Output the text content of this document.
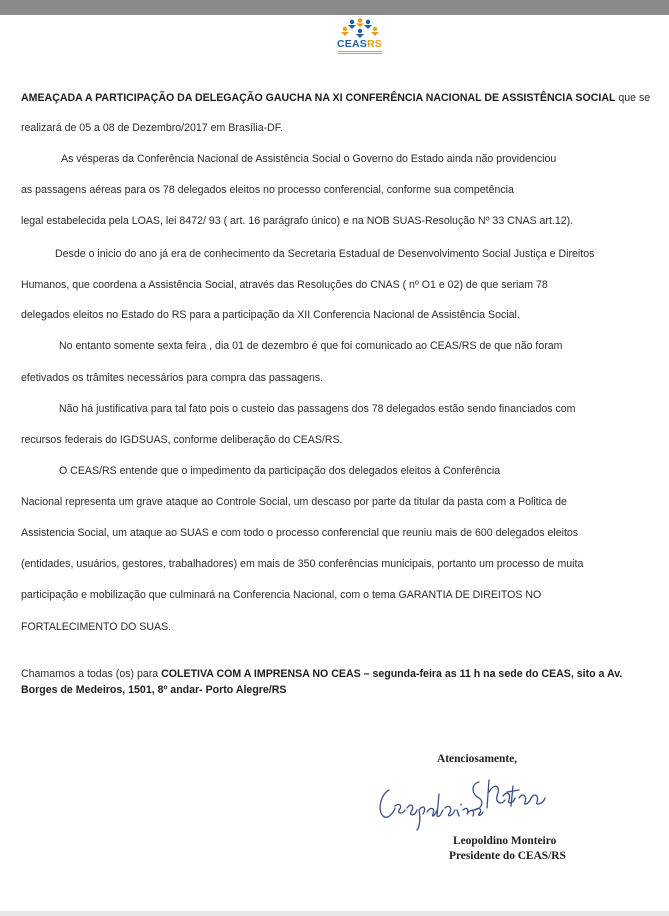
CEASRS

AMEAÇADA A PARTICIPAÇÃO DA DELEGAÇÃO GAUCHA NA XI CONFERÊNCIA NACIONAL DE ASSISTÊNCIA SOCIAL que se

realizará de 05 a 08 de Dezembro/2017 em Brasília-DF.

As vésperas da Conferência Nacional de Assistência Social o Governo do Estado ainda não providenciou

as passagens aéreas para os 78 delegados eleitos no processo conferencial, conforme sua competência

legal estabelecida pela LOAS, lei 8472/ 93 ( art. 16 parágrafo único) e na NOB SUAS-Resolução Nº 33 CNAS art.12).

Desde o inicio do ano já era de conhecimento da Secretaria Estadual de Desenvolvimento Social Justiça e Direitos

Humanos, que coordena a Assistência Social, através das Resoluções do CNAS ( nº O1 e 02) de que seriam 78

delegados eleitos no Estado do RS para a participação da XII Conferencia Nacional de Assistência Social.

No entanto somente sexta feira , dia 01 de dezembro é que foi comunicado ao CEAS/RS de que não foram

efetivados os trâmites necessários para compra das passagens.

Não há justificativa para tal fato pois o custeio das passagens dos 78 delegados estão sendo financiados com

recursos federais do IGDSUAS, conforme deliberação do CEAS/RS.

O CEAS/RS entende que o impedimento da participação dos delegados eleitos à Conferência

Nacional representa um grave ataque ao Controle Social, um descaso por parte da titular da pasta com a Politica de

Assistencia Social, um ataque ao SUAS e com todo o processo conferencial que reuniu mais de 600 delegados eleitos

(entidades, usuários, gestores, trabalhadores) em mais de 350 conferências municipais, portanto um processo de muita

participação e mobilização que culminará na Conferencia Nacional, com o tema GARANTIA DE DIREITOS NO

FORTALECIMENTO DO SUAS.

Chamamos a todas (os) para COLETIVA COM A IMPRENSA NO CEAS – segunda-feira as 11 h na sede do CEAS, sito a Av.

Borges de Medeiros, 1501, 8º andar- Porto Alegre/RS

Atenciosamente,

Leopoldino Monteiro

Presidente do CEAS/RS
